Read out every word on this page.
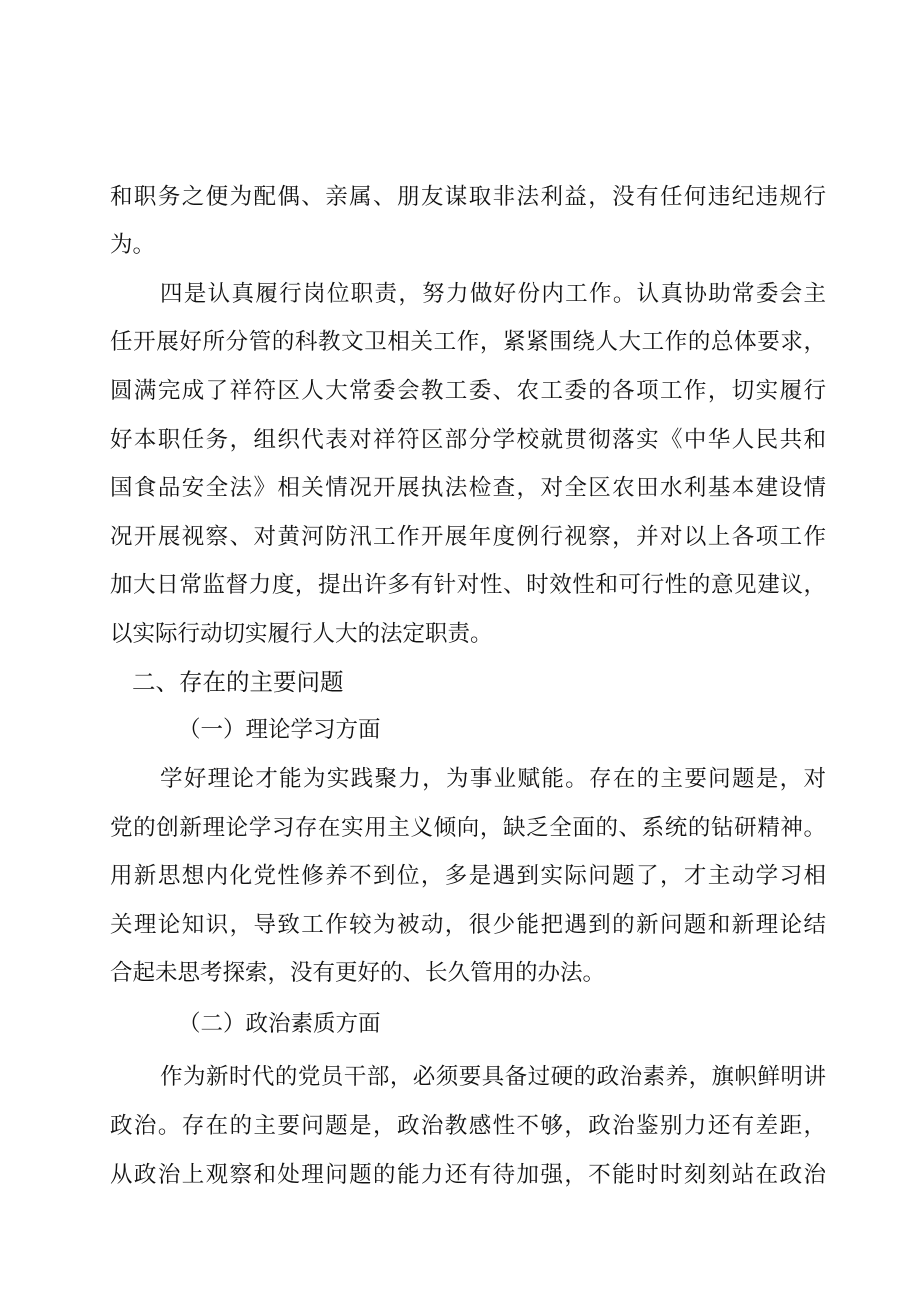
和职务之便为配偶、亲属、朋友谋取非法利益，没有任何违纪违规行
为。
四是认真履行岗位职责，努力做好份内工作。认真协助常委会主
任开展好所分管的科教文卫相关工作，紧紧围绕人大工作的总体要求，
圆满完成了祥符区人大常委会教工委、农工委的各项工作，切实履行
好本职任务，组织代表对祥符区部分学校就贯彻落实《中华人民共和
国食品安全法》相关情况开展执法检查，对全区农田水利基本建设情
况开展视察、对黄河防汛工作开展年度例行视察，并对以上各项工作
加大日常监督力度，提出许多有针对性、时效性和可行性的意见建议，
以实际行动切实履行人大的法定职责。
二、存在的主要问题
（一）理论学习方面
学好理论才能为实践聚力，为事业赋能。存在的主要问题是，对
党的创新理论学习存在实用主义倾向，缺乏全面的、系统的钻研精神。
用新思想内化党性修养不到位，多是遇到实际问题了，才主动学习相
关理论知识，导致工作较为被动，很少能把遇到的新问题和新理论结
合起未思考探索，没有更好的、长久管用的办法。
（二）政治素质方面
作为新时代的党员干部，必须要具备过硬的政治素养，旗帜鲜明讲
政治。存在的主要问题是，政治教感性不够，政治鉴别力还有差距，
从政治上观察和处理问题的能力还有待加强，不能时时刻刻站在政治
